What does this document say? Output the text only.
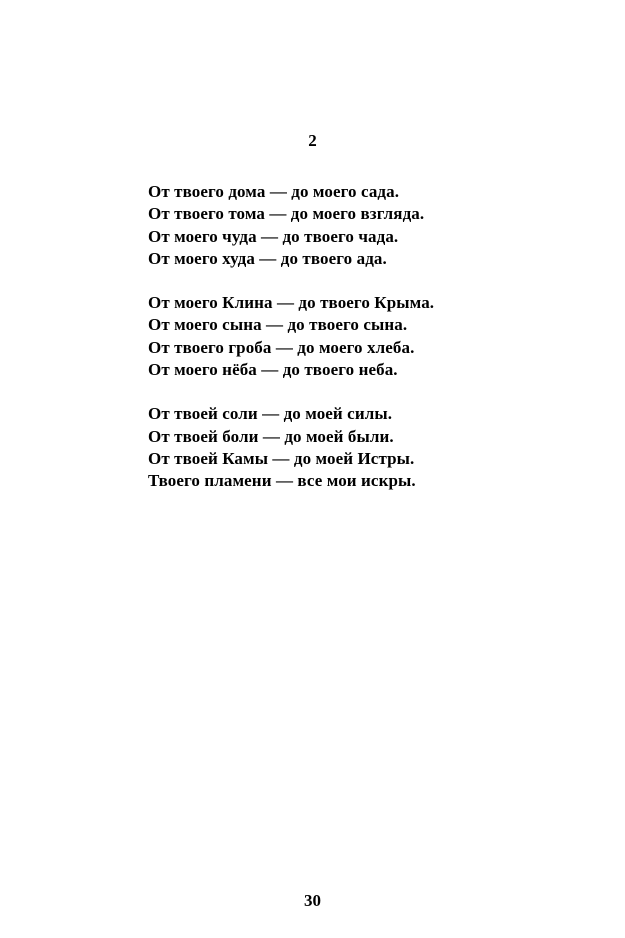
2
От твоего дома — до моего сада.
От твоего тома — до моего взгляда.
От моего чуда — до твоего чада.
От моего худа — до твоего ада.
От моего Клина — до твоего Крыма.
От моего сына — до твоего сына.
От твоего гроба — до моего хлеба.
От моего нёба — до твоего неба.
От твоей соли — до моей силы.
От твоей боли — до моей были.
От твоей Камы — до моей Истры.
Твоего пламени — все мои искры.
30
